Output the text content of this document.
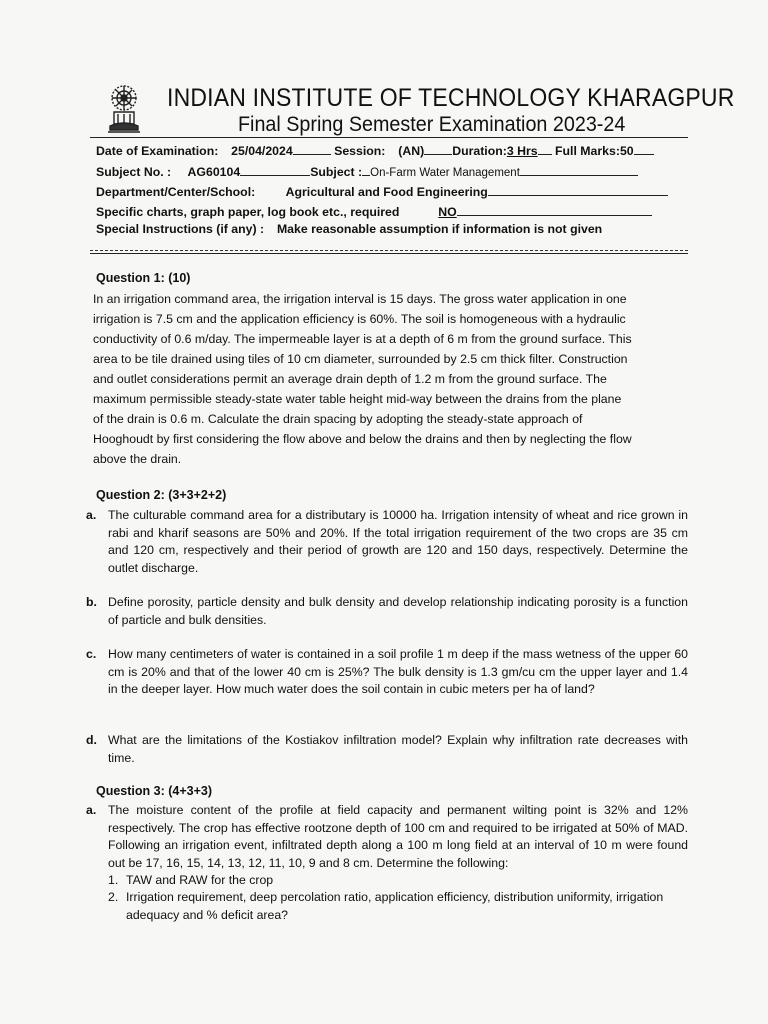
INDIAN INSTITUTE OF TECHNOLOGY KHARAGPUR
Final Spring Semester Examination 2023-24
Date of Examination: 25/04/2024	Session: (AN) Duration:3 Hrs Full Marks:50
Subject No. : AG60104	Subject : On-Farm Water Management
Department/Center/School: Agricultural and Food Engineering
Specific charts, graph paper, log book etc., required	NO
Special Instructions (if any) : Make reasonable assumption if information is not given
Question 1: (10)
In an irrigation command area, the irrigation interval is 15 days. The gross water application in one
irrigation is 7.5 cm and the application efficiency is 60%. The soil is homogeneous with a hydraulic
conductivity of 0.6 m/day. The impermeable layer is at a depth of 6 m from the ground surface. This
area to be tile drained using tiles of 10 cm diameter, surrounded by 2.5 cm thick filter. Construction
and outlet considerations permit an average drain depth of 1.2 m from the ground surface. The
maximum permissible steady-state water table height mid-way between the drains from the plane
of the drain is 0.6 m. Calculate the drain spacing by adopting the steady-state approach of
Hooghoudt by first considering the flow above and below the drains and then by neglecting the flow
above the drain.
Question 2: (3+3+2+2)
a. The culturable command area for a distributary is 10000 ha. Irrigation intensity of wheat and rice grown in rabi and kharif seasons are 50% and 20%. If the total irrigation requirement of the two crops are 35 cm and 120 cm, respectively and their period of growth are 120 and 150 days, respectively. Determine the outlet discharge.
b. Define porosity, particle density and bulk density and develop relationship indicating porosity is a function of particle and bulk densities.
c. How many centimeters of water is contained in a soil profile 1 m deep if the mass wetness of the upper 60 cm is 20% and that of the lower 40 cm is 25%? The bulk density is 1.3 gm/cu cm the upper layer and 1.4 in the deeper layer. How much water does the soil contain in cubic meters per ha of land?
d. What are the limitations of the Kostiakov infiltration model? Explain why infiltration rate decreases with time.
Question 3: (4+3+3)
a. The moisture content of the profile at field capacity and permanent wilting point is 32% and 12% respectively. The crop has effective rootzone depth of 100 cm and required to be irrigated at 50% of MAD. Following an irrigation event, infiltrated depth along a 100 m long field at an interval of 10 m were found out be 17, 16, 15, 14, 13, 12, 11, 10, 9 and 8 cm. Determine the following:
1. TAW and RAW for the crop
2. Irrigation requirement, deep percolation ratio, application efficiency, distribution uniformity, irrigation adequacy and % deficit area?
